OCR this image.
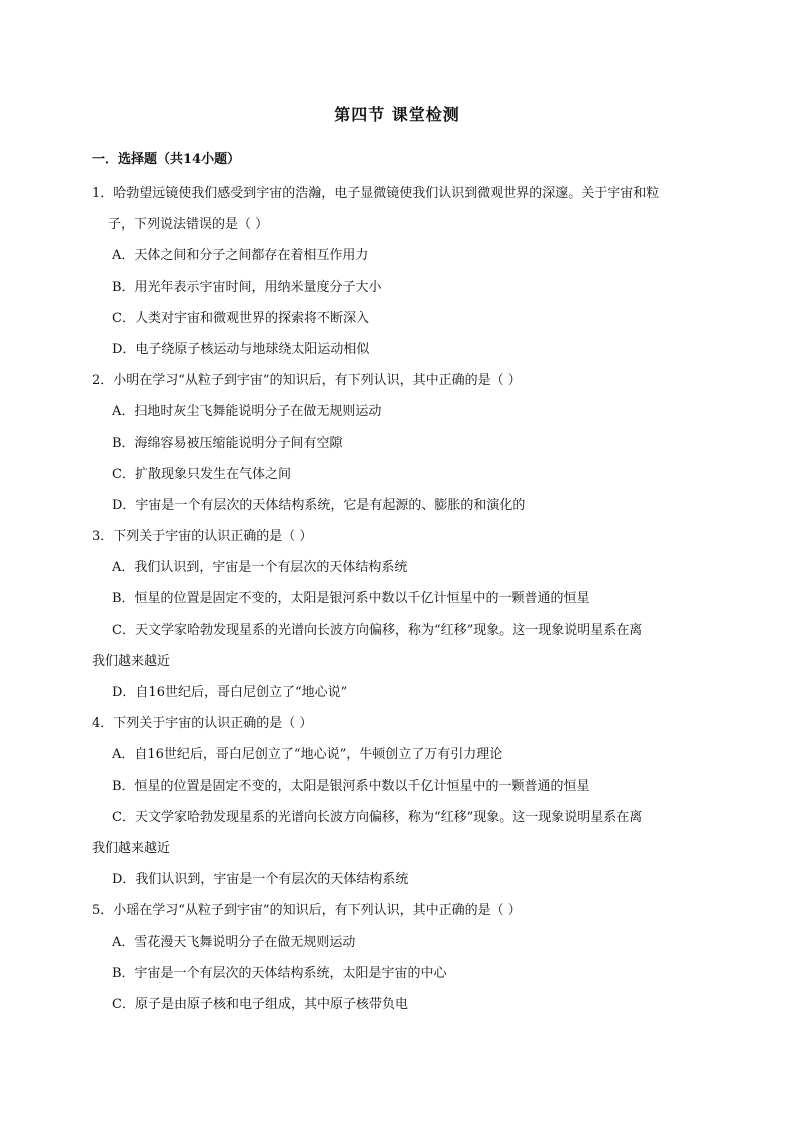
第四节 课堂检测
一．选择题（共14小题）
1．哈勃望远镜使我们感受到宇宙的浩瀚，电子显微镜使我们认识到微观世界的深邃。关于宇宙和粒
子，下列说法错误的是（ ）
A．天体之间和分子之间都存在着相互作用力
B．用光年表示宇宙时间，用纳米量度分子大小
C．人类对宇宙和微观世界的探索将不断深入
D．电子绕原子核运动与地球绕太阳运动相似
2．小明在学习“从粒子到宇宙”的知识后，有下列认识，其中正确的是（ ）
A．扫地时灰尘飞舞能说明分子在做无规则运动
B．海绵容易被压缩能说明分子间有空隙
C．扩散现象只发生在气体之间
D．宇宙是一个有层次的天体结构系统，它是有起源的、膨胀的和演化的
3．下列关于宇宙的认识正确的是（ ）
A．我们认识到，宇宙是一个有层次的天体结构系统
B．恒星的位置是固定不变的，太阳是银河系中数以千亿计恒星中的一颗普通的恒星
C．天文学家哈勃发现星系的光谱向长波方向偏移，称为“红移”现象。这一现象说明星系在离
我们越来越近
D．自16世纪后，哥白尼创立了“地心说”
4．下列关于宇宙的认识正确的是（ ）
A．自16世纪后，哥白尼创立了“地心说”，牛顿创立了万有引力理论
B．恒星的位置是固定不变的，太阳是银河系中数以千亿计恒星中的一颗普通的恒星
C．天文学家哈勃发现星系的光谱向长波方向偏移，称为“红移”现象。这一现象说明星系在离
我们越来越近
D．我们认识到，宇宙是一个有层次的天体结构系统
5．小瑶在学习“从粒子到宇宙”的知识后，有下列认识，其中正确的是（ ）
A．雪花漫天飞舞说明分子在做无规则运动
B．宇宙是一个有层次的天体结构系统，太阳是宇宙的中心
C．原子是由原子核和电子组成，其中原子核带负电
